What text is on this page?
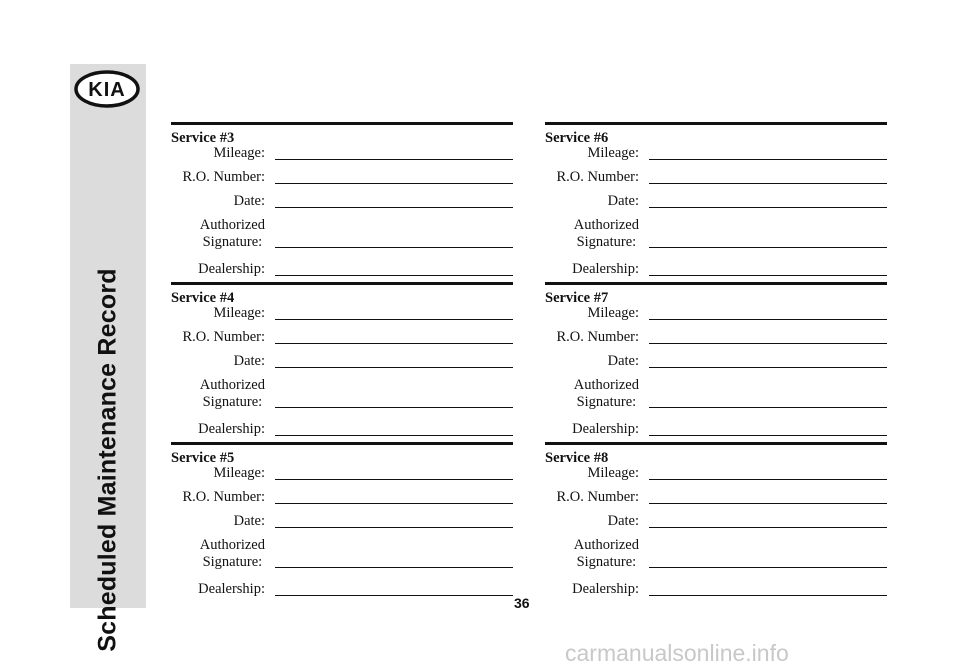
KIA
Scheduled Maintenance Record
Service #3
Mileage:
R.O. Number:
Date:
Authorized
Signature:
Dealership:
Service #4
Mileage:
R.O. Number:
Date:
Authorized
Signature:
Dealership:
Service #5
Mileage:
R.O. Number:
Date:
Authorized
Signature:
Dealership:
Service #6
Mileage:
R.O. Number:
Date:
Authorized
Signature:
Dealership:
Service #7
Mileage:
R.O. Number:
Date:
Authorized
Signature:
Dealership:
Service #8
Mileage:
R.O. Number:
Date:
Authorized
Signature:
Dealership:
36
carmanualsonline.info
